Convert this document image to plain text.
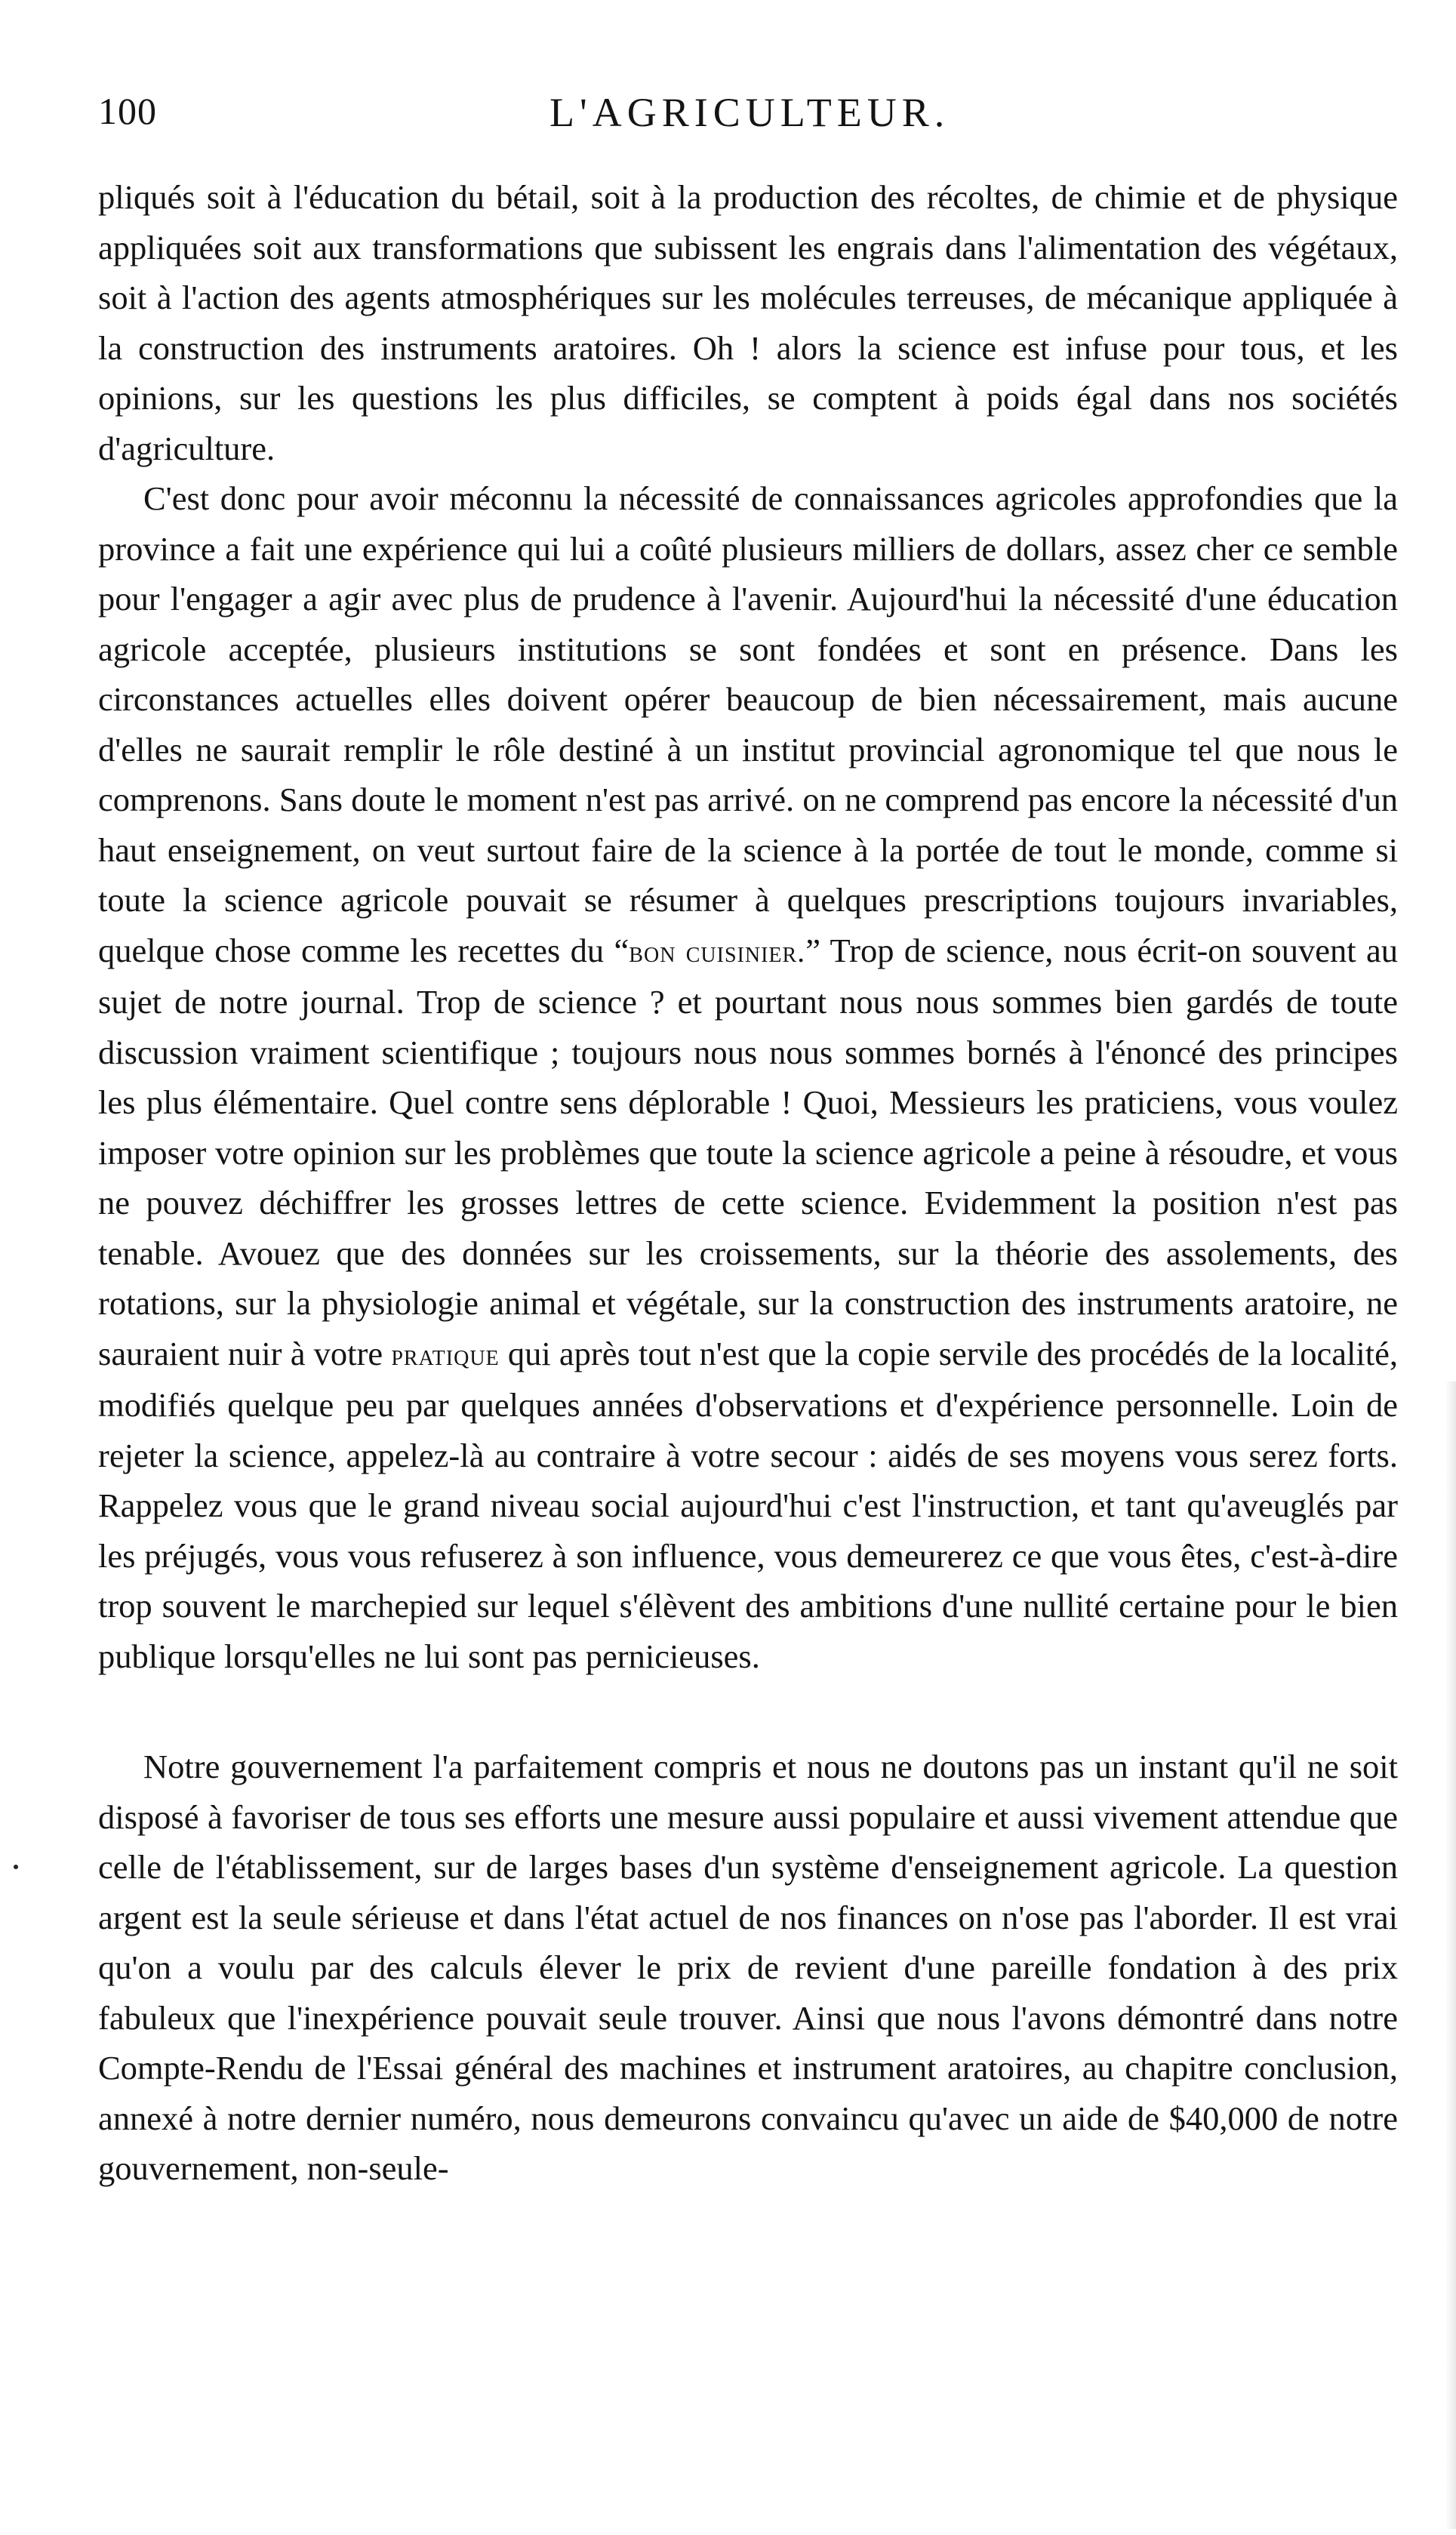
100	L'AGRICULTEUR.

pliqués soit à l'éducation du bétail, soit à la production des récoltes, de chimie et de physique appliquées soit aux transformations que subissent les engrais dans l'alimentation des végétaux, soit à l'action des agents atmosphériques sur les molécules terreuses, de mécanique appliquée à la construction des instruments aratoires. Oh ! alors la science est infuse pour tous, et les opinions, sur les questions les plus difficiles, se comptent à poids égal dans nos sociétés d'agriculture.

C'est donc pour avoir méconnu la nécessité de connaissances agricoles approfondies que la province a fait une expérience qui lui a coûté plusieurs milliers de dollars, assez cher ce semble pour l'engager a agir avec plus de prudence à l'avenir. Aujourd'hui la nécessité d'une éducation agricole acceptée, plusieurs institutions se sont fondées et sont en présence. Dans les circonstances actuelles elles doivent opérer beaucoup de bien nécessairement, mais aucune d'elles ne saurait remplir le rôle destiné à un institut provincial agronomique tel que nous le comprenons. Sans doute le moment n'est pas arrivé. on ne comprend pas encore la nécessité d'un haut enseignement, on veut surtout faire de la science à la portée de tout le monde, comme si toute la science agricole pouvait se résumer à quelques prescriptions toujours invariables, quelque chose comme les recettes du “bon cuisinier.” Trop de science, nous écrit-on souvent au sujet de notre journal. Trop de science ? et pourtant nous nous sommes bien gardés de toute discussion vraiment scientifique ; toujours nous nous sommes bornés à l'énoncé des principes les plus élémentaire. Quel contre sens déplorable ! Quoi, Messieurs les praticiens, vous voulez imposer votre opinion sur les problèmes que toute la science agricole a peine à résoudre, et vous ne pouvez déchiffrer les grosses lettres de cette science. Evidemment la position n'est pas tenable. Avouez que des données sur les croissements, sur la théorie des assolements, des rotations, sur la physiologie animal et végétale, sur la construction des instruments aratoire, ne sauraient nuir à votre pratique qui après tout n'est que la copie servile des procédés de la localité, modifiés quelque peu par quelques années d'observations et d'expérience personnelle. Loin de rejeter la science, appelez-là au contraire à votre secour : aidés de ses moyens vous serez forts. Rappelez vous que le grand niveau social aujourd'hui c'est l'instruction, et tant qu'aveuglés par les préjugés, vous vous refuserez à son influence, vous demeurerez ce que vous êtes, c'est-à-dire trop souvent le marchepied sur lequel s'élèvent des ambitions d'une nullité certaine pour le bien publique lorsqu'elles ne lui sont pas pernicieuses.

Notre gouvernement l'a parfaitement compris et nous ne doutons pas un instant qu'il ne soit disposé à favoriser de tous ses efforts une mesure aussi populaire et aussi vivement attendue que celle de l'établissement, sur de larges bases d'un système d'enseignement agricole. La question argent est la seule sérieuse et dans l'état actuel de nos finances on n'ose pas l'aborder. Il est vrai qu'on a voulu par des calculs élever le prix de revient d'une pareille fondation à des prix fabuleux que l'inexpérience pouvait seule trouver. Ainsi que nous l'avons démontré dans notre Compte-Rendu de l'Essai général des machines et instrument aratoires, au chapitre conclusion, annexé à notre dernier numéro, nous demeurons convaincu qu'avec un aide de $40,000 de notre gouvernement, non-seule-
